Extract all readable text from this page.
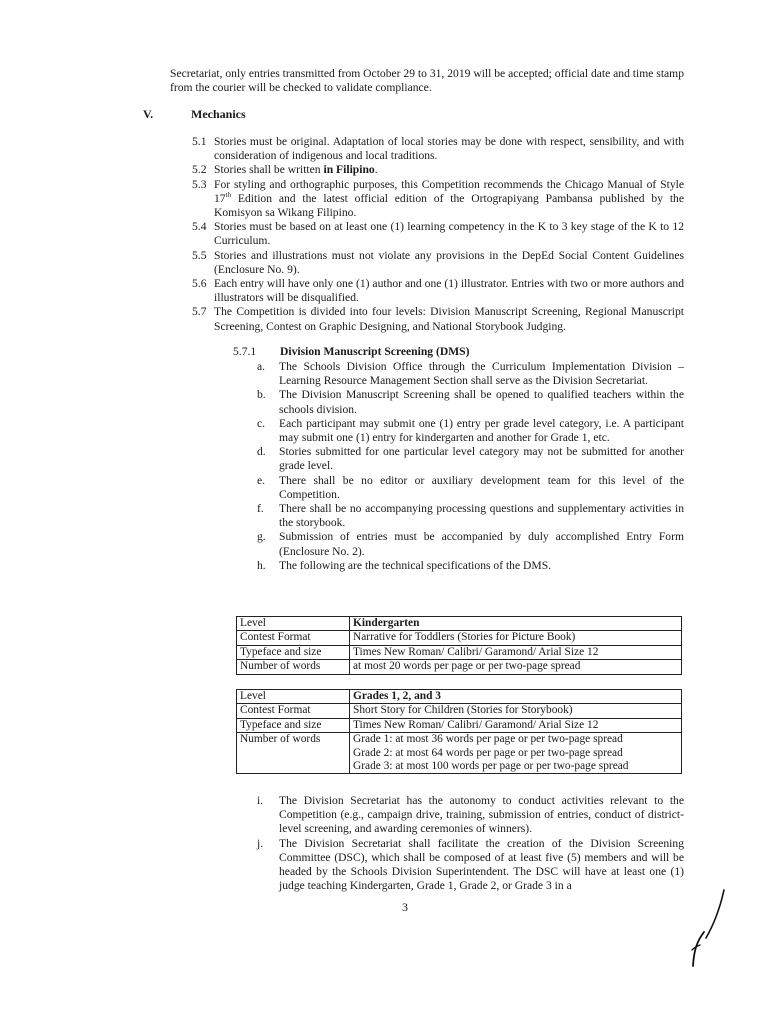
Secretariat, only entries transmitted from October 29 to 31, 2019 will be accepted; official date and time stamp from the courier will be checked to validate compliance.
V.	Mechanics
5.1 Stories must be original. Adaptation of local stories may be done with respect, sensibility, and with consideration of indigenous and local traditions.
5.2 Stories shall be written in Filipino.
5.3 For styling and orthographic purposes, this Competition recommends the Chicago Manual of Style 17th Edition and the latest official edition of the Ortograpiyang Pambansa published by the Komisyon sa Wikang Filipino.
5.4 Stories must be based on at least one (1) learning competency in the K to 3 key stage of the K to 12 Curriculum.
5.5 Stories and illustrations must not violate any provisions in the DepEd Social Content Guidelines (Enclosure No. 9).
5.6 Each entry will have only one (1) author and one (1) illustrator. Entries with two or more authors and illustrators will be disqualified.
5.7 The Competition is divided into four levels: Division Manuscript Screening, Regional Manuscript Screening, Contest on Graphic Designing, and National Storybook Judging.
5.7.1 Division Manuscript Screening (DMS)
a.	The Schools Division Office through the Curriculum Implementation Division – Learning Resource Management Section shall serve as the Division Secretariat.
b.	The Division Manuscript Screening shall be opened to qualified teachers within the schools division.
c.	Each participant may submit one (1) entry per grade level category, i.e. A participant may submit one (1) entry for kindergarten and another for Grade 1, etc.
d.	Stories submitted for one particular level category may not be submitted for another grade level.
e.	There shall be no editor or auxiliary development team for this level of the Competition.
f.	There shall be no accompanying processing questions and supplementary activities in the storybook.
g.	Submission of entries must be accompanied by duly accomplished Entry Form (Enclosure No. 2).
h.	The following are the technical specifications of the DMS.
Level	Kindergarten
Contest Format	Narrative for Toddlers (Stories for Picture Book)
Typeface and size	Times New Roman/ Calibri/ Garamond/ Arial Size 12
Number of words	at most 20 words per page or per two-page spread
Level	Grades 1, 2, and 3
Contest Format	Short Story for Children (Stories for Storybook)
Typeface and size	Times New Roman/ Calibri/ Garamond/ Arial Size 12
Number of words	Grade 1: at most 36 words per page or per two-page spread
Grade 2: at most 64 words per page or per two-page spread
Grade 3: at most 100 words per page or per two-page spread
i.	The Division Secretariat has the autonomy to conduct activities relevant to the Competition (e.g., campaign drive, training, submission of entries, conduct of district-level screening, and awarding ceremonies of winners).
j.	The Division Secretariat shall facilitate the creation of the Division Screening Committee (DSC), which shall be composed of at least five (5) members and will be headed by the Schools Division Superintendent. The DSC will have at least one (1) judge teaching Kindergarten, Grade 1, Grade 2, or Grade 3 in a
3
